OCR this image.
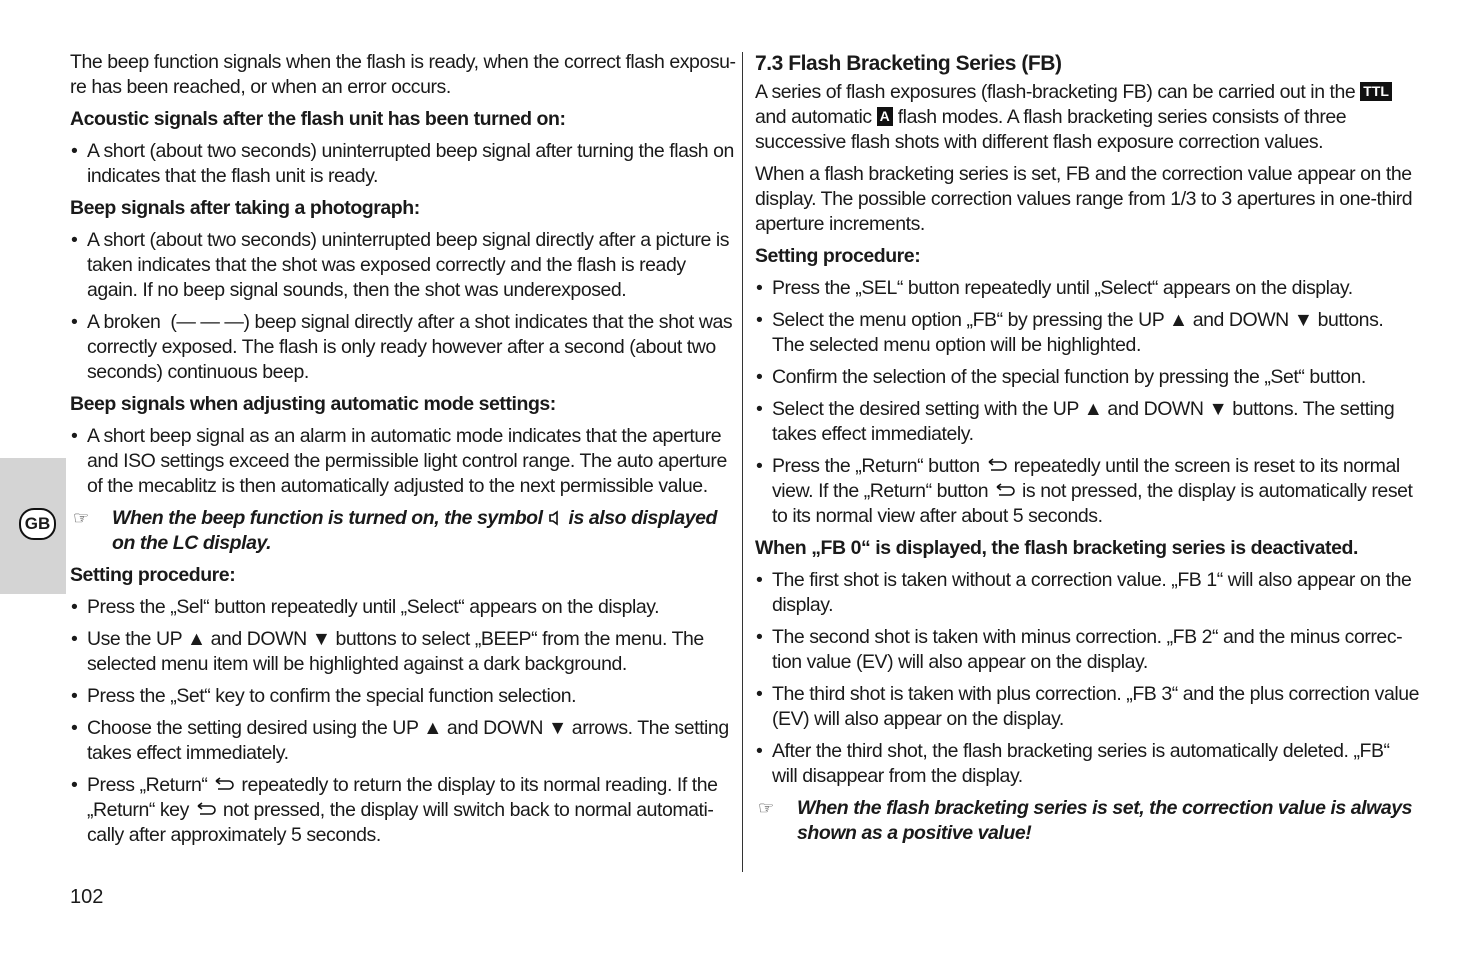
GB

The beep function signals when the flash is ready, when the correct flash exposu-re has been reached, or when an error occurs.

Acoustic signals after the flash unit has been turned on:

• A short (about two seconds) uninterrupted beep signal after turning the flash on indicates that the flash unit is ready.

Beep signals after taking a photograph:

• A short (about two seconds) uninterrupted beep signal directly after a picture is taken indicates that the shot was exposed correctly and the flash is ready again. If no beep signal sounds, then the shot was underexposed.
• A broken (— — —) beep signal directly after a shot indicates that the shot was correctly exposed. The flash is only ready however after a second (about two seconds) continuous beep.

Beep signals when adjusting automatic mode settings:

• A short beep signal as an alarm in automatic mode indicates that the aperture and ISO settings exceed the permissible light control range. The auto aperture of the mecablitz is then automatically adjusted to the next permissible value.
☞ When the beep function is turned on, the symbol is also displayed on the LC display.

Setting procedure:

• Press the „Sel“ button repeatedly until „Select“ appears on the display.
• Use the UP ▲ and DOWN ▼ buttons to select „BEEP“ from the menu. The selected menu item will be highlighted against a dark background.
• Press the „Set“ key to confirm the special function selection.
• Choose the setting desired using the UP ▲ and DOWN ▼ arrows. The setting takes effect immediately.
• Press „Return“ repeatedly to return the display to its normal reading. If the „Return“ key not pressed, the display will switch back to normal automati-cally after approximately 5 seconds.

7.3 Flash Bracketing Series (FB)

A series of flash exposures (flash-bracketing FB) can be carried out in the TTL and automatic A flash modes. A flash bracketing series consists of three successive flash shots with different flash exposure correction values.

When a flash bracketing series is set, FB and the correction value appear on the display. The possible correction values range from 1/3 to 3 apertures in one-third aperture increments.

Setting procedure:

• Press the „SEL“ button repeatedly until „Select“ appears on the display.
• Select the menu option „FB“ by pressing the UP ▲ and DOWN ▼ buttons. The selected menu option will be highlighted.
• Confirm the selection of the special function by pressing the „Set“ button.
• Select the desired setting with the UP ▲ and DOWN ▼ buttons. The setting takes effect immediately.
• Press the „Return“ button repeatedly until the screen is reset to its normal view. If the „Return“ button is not pressed, the display is automatically reset to its normal view after about 5 seconds.

When „FB 0“ is displayed, the flash bracketing series is deactivated.

• The first shot is taken without a correction value. „FB 1“ will also appear on the display.
• The second shot is taken with minus correction. „FB 2“ and the minus correc-tion value (EV) will also appear on the display.
• The third shot is taken with plus correction. „FB 3“ and the plus correction value (EV) will also appear on the display.
• After the third shot, the flash bracketing series is automatically deleted. „FB“ will disappear from the display.
☞ When the flash bracketing series is set, the correction value is always shown as a positive value!
102
